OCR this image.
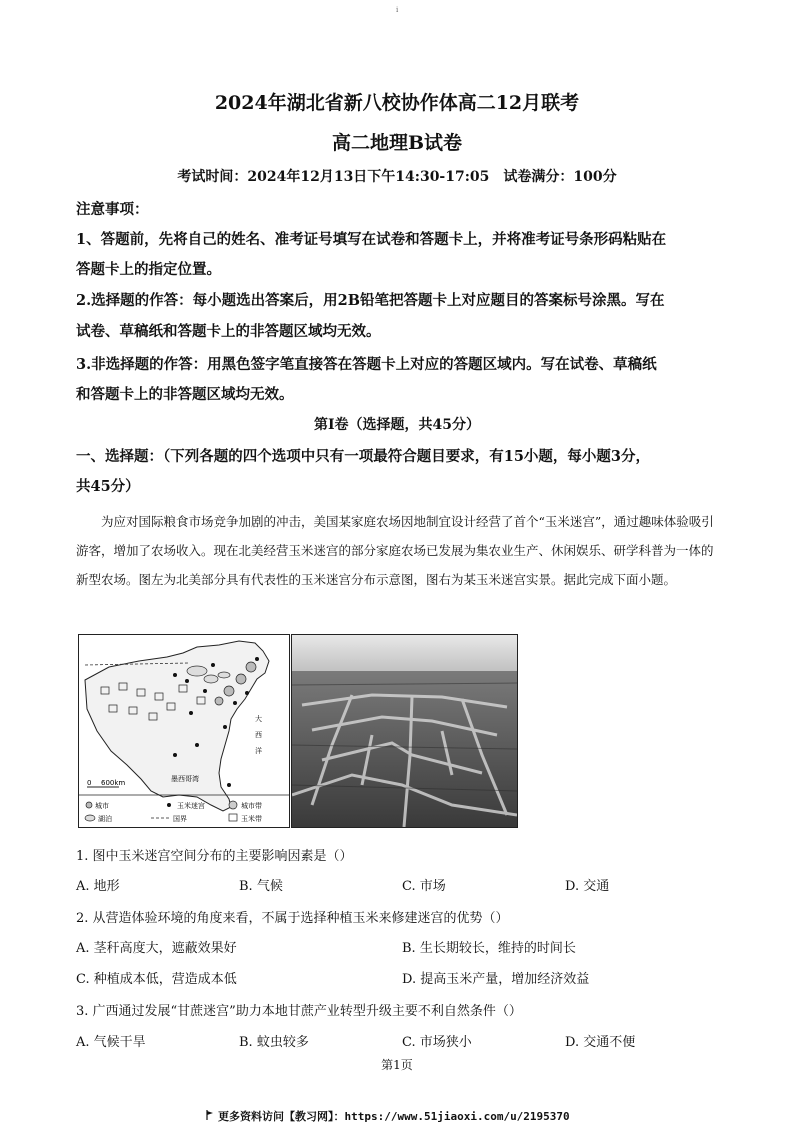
i
2024年湖北省新八校协作体高二12月联考
高二地理B试卷
考试时间：2024年12月13日下午14:30-17:05　试卷满分：100分
注意事项：
1、答题前，先将自己的姓名、准考证号填写在试卷和答题卡上，并将准考证号条形码粘贴在
答题卡上的指定位置。
2.选择题的作答：每小题选出答案后，用2B铅笔把答题卡上对应题目的答案标号涂黑。写在
试卷、草稿纸和答题卡上的非答题区域均无效。
3.非选择题的作答：用黑色签字笔直接答在答题卡上对应的答题区域内。写在试卷、草稿纸
和答题卡上的非答题区域均无效。
第Ⅰ卷（选择题，共45分）
一、选择题：（下列各题的四个选项中只有一项最符合题目要求，有15小题，每小题3分，
共45分）
为应对国际粮食市场竞争加剧的冲击，美国某家庭农场因地制宜设计经营了首个“玉米迷宫”，通过趣味体验吸引游客，增加了农场收入。现在北美经营玉米迷宫的部分家庭农场已发展为集农业生产、休闲娱乐、研学科普为一体的新型农场。图左为北美部分具有代表性的玉米迷宫分布示意图，图右为某玉米迷宫实景。据此完成下面小题。
大
西
洋
墨西哥湾
0 600km
城市	玉米迷宫	城市带
湖泊	国界	玉米带
1. 图中玉米迷宫空间分布的主要影响因素是（）
A. 地形	B. 气候	C. 市场	D. 交通
2. 从营造体验环境的角度来看，不属于选择种植玉米来修建迷宫的优势（）
A. 茎秆高度大，遮蔽效果好	B. 生长期较长，维持的时间长
C. 种植成本低，营造成本低	D. 提高玉米产量，增加经济效益
3. 广西通过发展“甘蔗迷宫”助力本地甘蔗产业转型升级主要不利自然条件（）
A. 气候干旱	B. 蚊虫较多	C. 市场狭小	D. 交通不便
第1页
更多资料访问【教习网】：https://www.51jiaoxi.com/u/2195370
